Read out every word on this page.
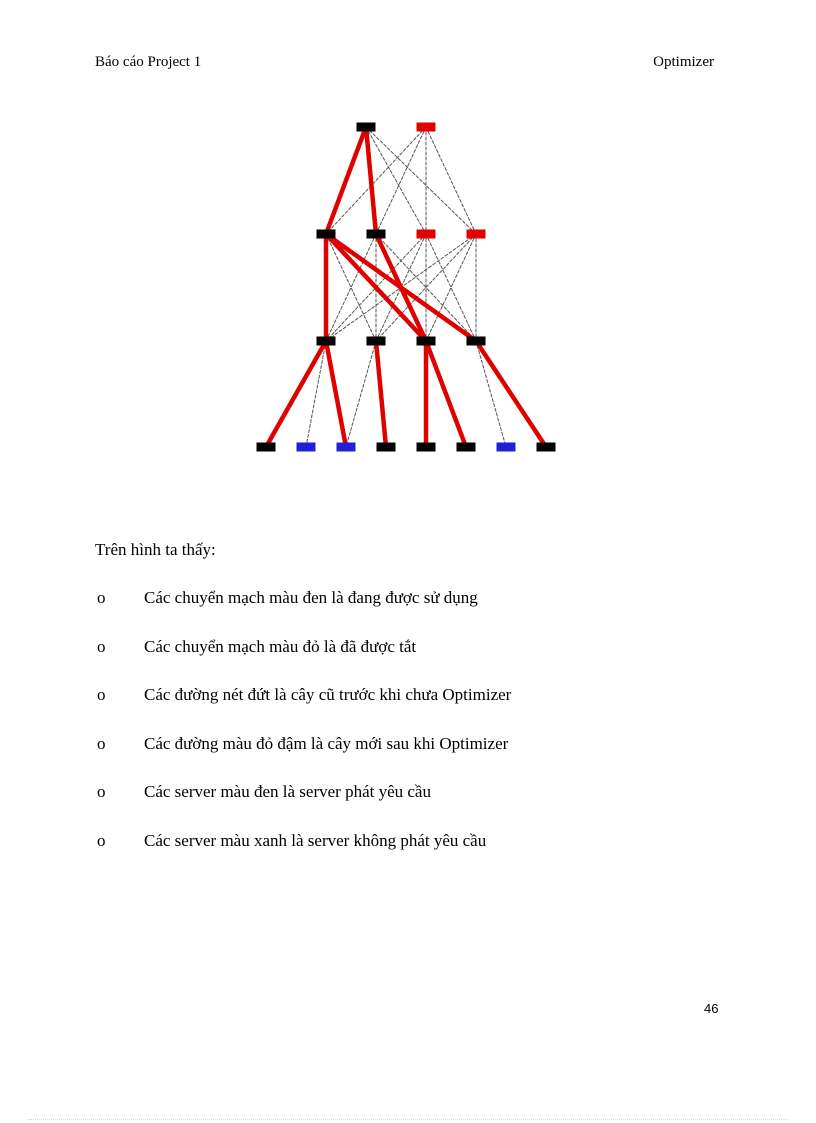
Báo cáo Project 1	Optimizer
Trên hình ta thấy:
o Các chuyển mạch màu đen là đang được sử dụng
o Các chuyển mạch màu đỏ là đã được tắt
o Các đường nét đứt là cây cũ trước khi chưa Optimizer
o Các đường màu đỏ đậm là cây mới sau khi Optimizer
o Các server màu đen là server phát yêu cầu
o Các server màu xanh là server không phát yêu cầu
46
